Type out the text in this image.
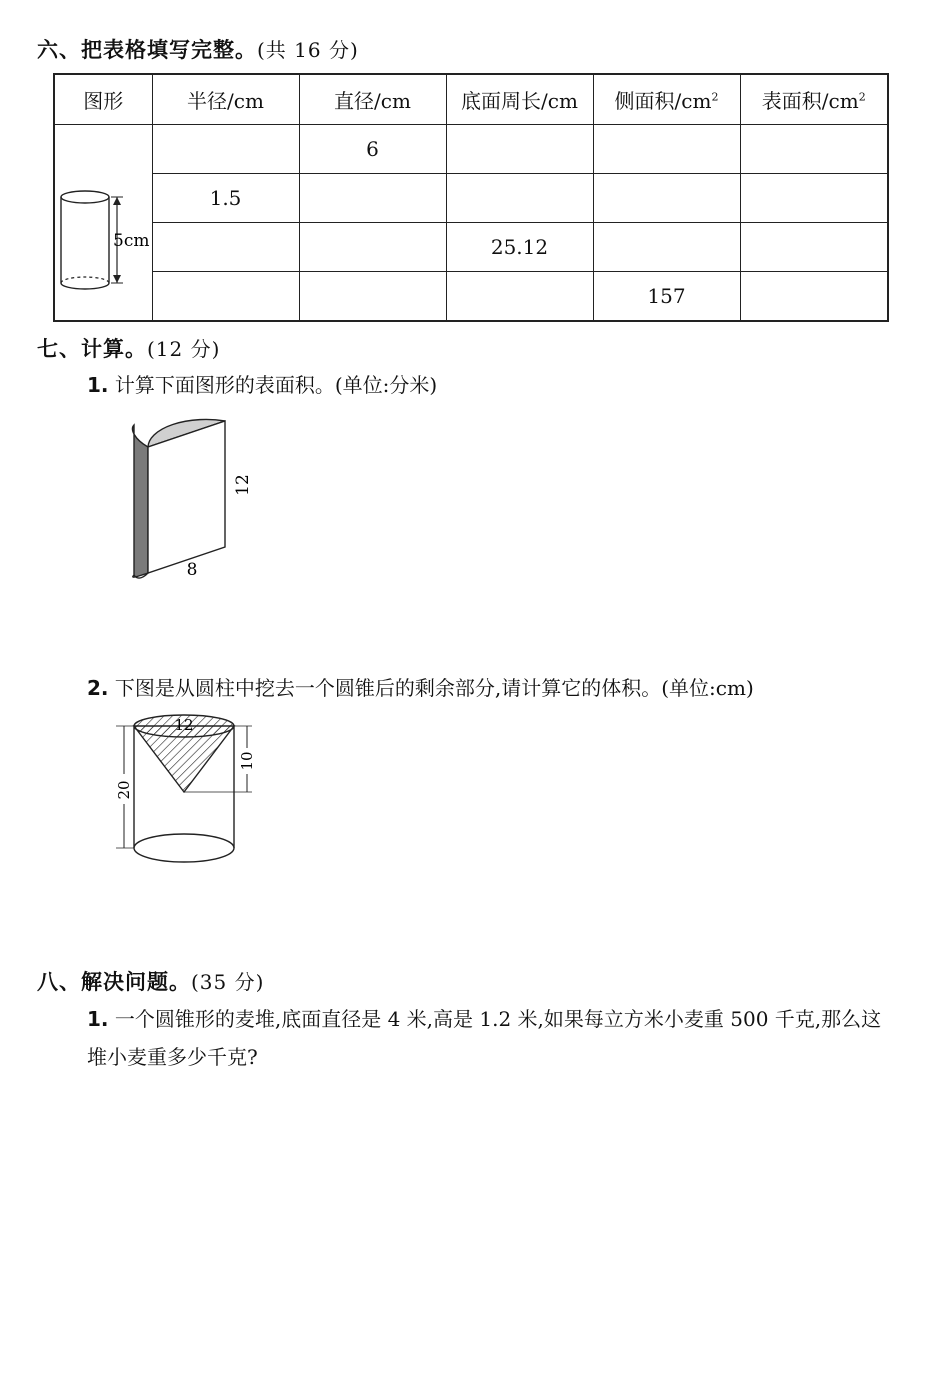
六、把表格填写完整。(共 16 分)
图形	半径/cm	直径/cm	底面周长/cm	侧面积$/cm^2$	表面积$/cm^2$

5cm		6			
	1.5				
			25.12		
				157	
七、计算。(12 分)
1. 计算下面图形的表面积。(单位:分米)
12
8
2. 下图是从圆柱中挖去一个圆锥后的剩余部分,请计算它的体积。(单位:cm)
12
10
20
八、解决问题。(35 分)
1. 一个圆锥形的麦堆,底面直径是 4 米,高是 1.2 米,如果每立方米小麦重 500 千克,那么这堆小麦重多少千克?
